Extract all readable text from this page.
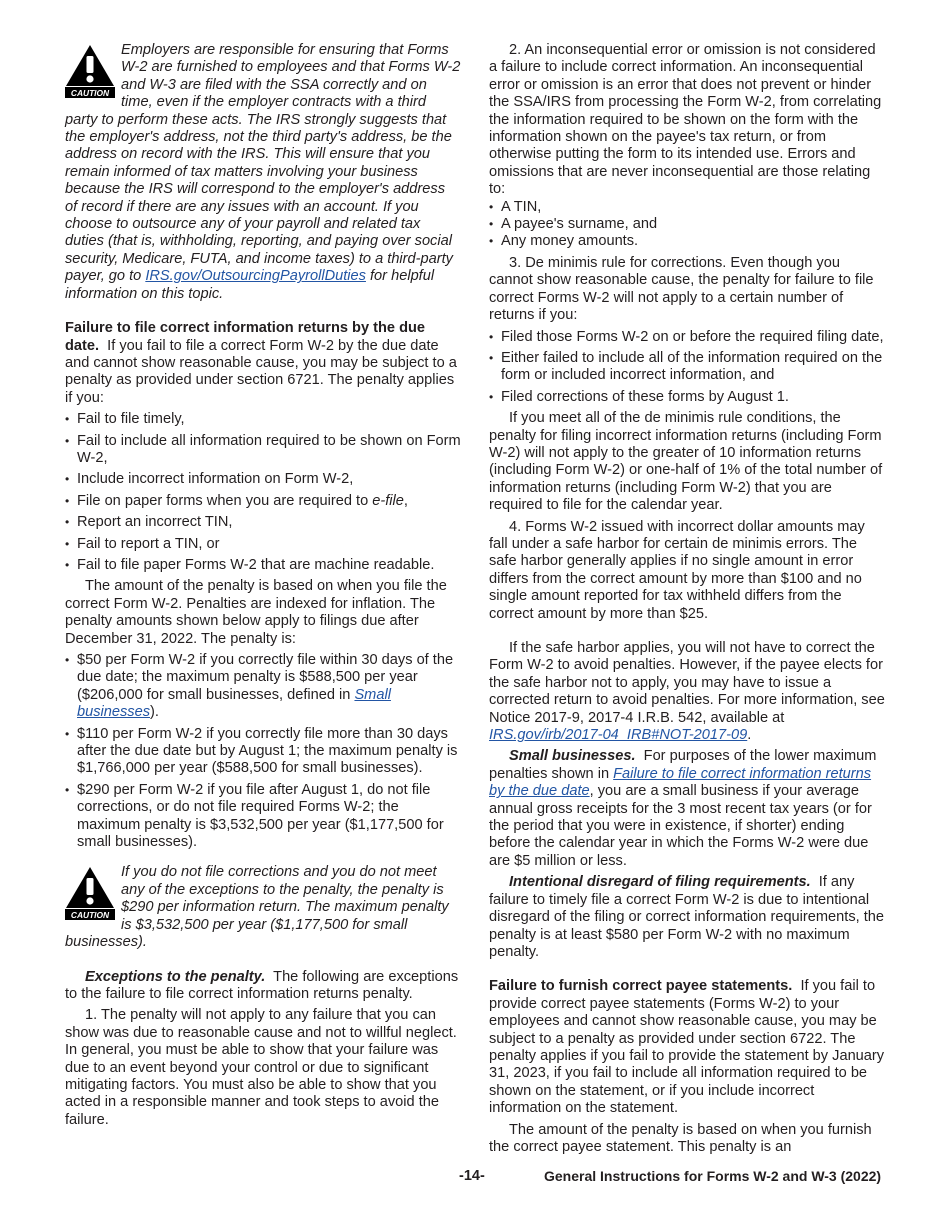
CAUTION
Employers are responsible for ensuring that Forms W-2 are furnished to employees and that Forms W-2 and W-3 are filed with the SSA correctly and on time, even if the employer contracts with a third party to perform these acts. The IRS strongly suggests that the employer's address, not the third party's address, be the address on record with the IRS. This will ensure that you remain informed of tax matters involving your business because the IRS will correspond to the employer's address of record if there are any issues with an account. If you choose to outsource any of your payroll and related tax duties (that is, withholding, reporting, and paying over social security, Medicare, FUTA, and income taxes) to a third-party payer, go to IRS.gov/OutsourcingPayrollDuties for helpful information on this topic.

Failure to file correct information returns by the due date. If you fail to file a correct Form W-2 by the due date and cannot show reasonable cause, you may be subject to a penalty as provided under section 6721. The penalty applies if you:

• Fail to file timely,

• Fail to include all information required to be shown on Form W-2,

• Include incorrect information on Form W-2,

• File on paper forms when you are required to e-file,

• Report an incorrect TIN,

• Fail to report a TIN, or

• Fail to file paper Forms W-2 that are machine readable.

The amount of the penalty is based on when you file the correct Form W-2. Penalties are indexed for inflation. The penalty amounts shown below apply to filings due after December 31, 2022. The penalty is:

• $50 per Form W-2 if you correctly file within 30 days of the due date; the maximum penalty is $588,500 per year ($206,000 for small businesses, defined in Small businesses).

• $110 per Form W-2 if you correctly file more than 30 days after the due date but by August 1; the maximum penalty is $1,766,000 per year ($588,500 for small businesses).

• $290 per Form W-2 if you file after August 1, do not file corrections, or do not file required Forms W-2; the maximum penalty is $3,532,500 per year ($1,177,500 for small businesses).

CAUTION
If you do not file corrections and you do not meet any of the exceptions to the penalty, the penalty is $290 per information return. The maximum penalty is $3,532,500 per year ($1,177,500 for small businesses).

Exceptions to the penalty. The following are exceptions to the failure to file correct information returns penalty.

1. The penalty will not apply to any failure that you can show was due to reasonable cause and not to willful neglect. In general, you must be able to show that your failure was due to an event beyond your control or due to significant mitigating factors. You must also be able to show that you acted in a responsible manner and took steps to avoid the failure.

2. An inconsequential error or omission is not considered a failure to include correct information. An inconsequential error or omission is an error that does not prevent or hinder the SSA/IRS from processing the Form W-2, from correlating the information required to be shown on the form with the information shown on the payee's tax return, or from otherwise putting the form to its intended use. Errors and omissions that are never inconsequential are those relating to:

• A TIN,

• A payee's surname, and

• Any money amounts.

3. De minimis rule for corrections. Even though you cannot show reasonable cause, the penalty for failure to file correct Forms W-2 will not apply to a certain number of returns if you:

• Filed those Forms W-2 on or before the required filing date,

• Either failed to include all of the information required on the form or included incorrect information, and

• Filed corrections of these forms by August 1.

If you meet all of the de minimis rule conditions, the penalty for filing incorrect information returns (including Form W-2) will not apply to the greater of 10 information returns (including Form W-2) or one-half of 1% of the total number of information returns (including Form W-2) that you are required to file for the calendar year.

4. Forms W-2 issued with incorrect dollar amounts may fall under a safe harbor for certain de minimis errors. The safe harbor generally applies if no single amount in error differs from the correct amount by more than $100 and no single amount reported for tax withheld differs from the correct amount by more than $25.

If the safe harbor applies, you will not have to correct the Form W-2 to avoid penalties. However, if the payee elects for the safe harbor not to apply, you may have to issue a corrected return to avoid penalties. For more information, see Notice 2017-9, 2017-4 I.R.B. 542, available at IRS.gov/irb/2017-04_IRB#NOT-2017-09.

Small businesses. For purposes of the lower maximum penalties shown in Failure to file correct information returns by the due date, you are a small business if your average annual gross receipts for the 3 most recent tax years (or for the period that you were in existence, if shorter) ending before the calendar year in which the Forms W-2 were due are $5 million or less.

Intentional disregard of filing requirements. If any failure to timely file a correct Form W-2 is due to intentional disregard of the filing or correct information requirements, the penalty is at least $580 per Form W-2 with no maximum penalty.

Failure to furnish correct payee statements. If you fail to provide correct payee statements (Forms W-2) to your employees and cannot show reasonable cause, you may be subject to a penalty as provided under section 6722. The penalty applies if you fail to provide the statement by January 31, 2023, if you fail to include all information required to be shown on the statement, or if you include incorrect information on the statement.

The amount of the penalty is based on when you furnish the correct payee statement. This penalty is an

-14-	General Instructions for Forms W-2 and W-3 (2022)
